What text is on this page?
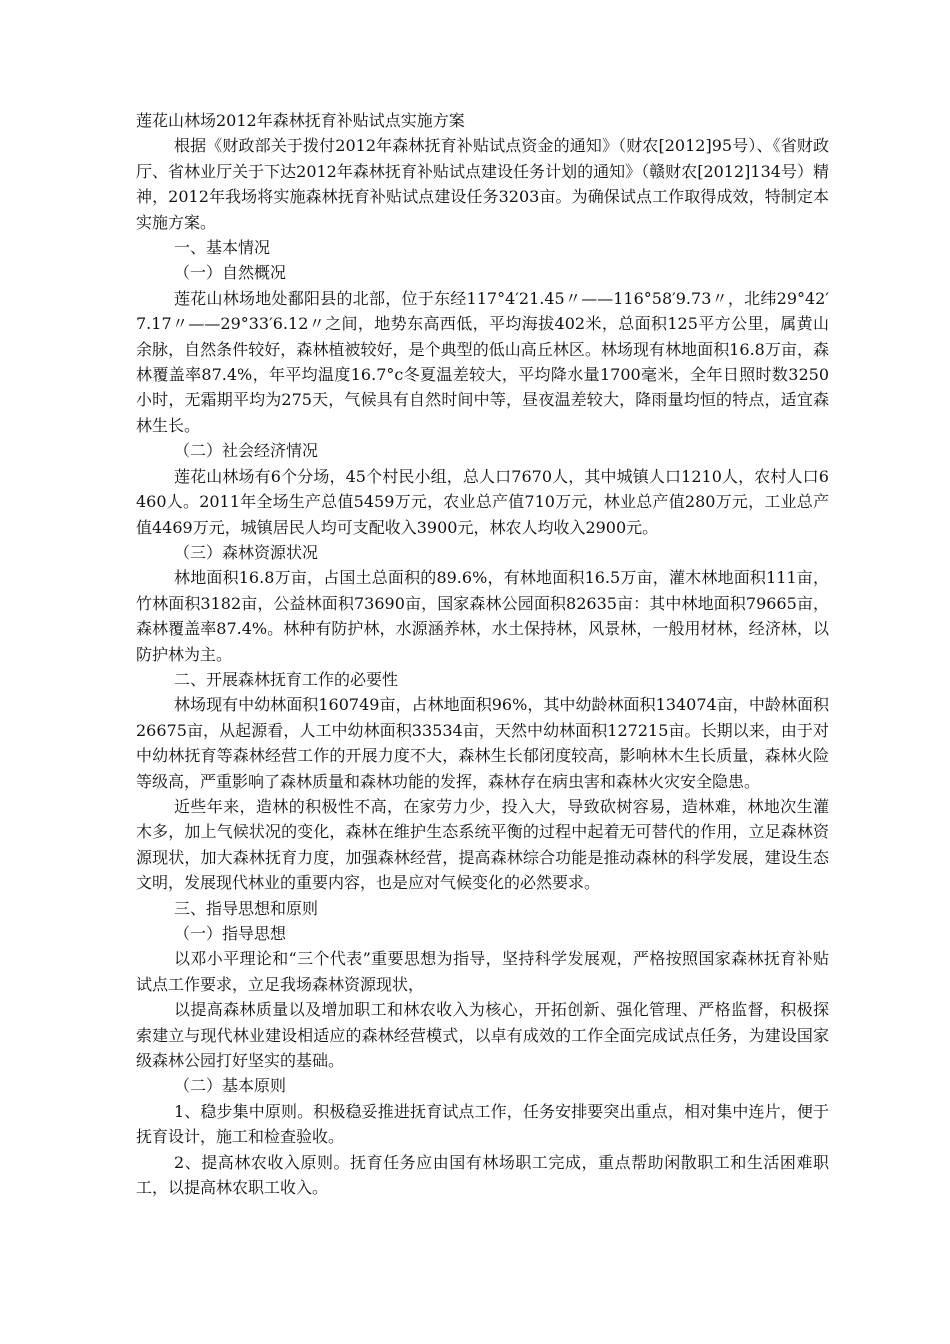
莲花山林场2012年森林抚育补贴试点实施方案

根据《财政部关于拨付2012年森林抚育补贴试点资金的通知》（财农[2012]95号）、《省财政厅、省林业厅关于下达2012年森林抚育补贴试点建设任务计划的通知》（赣财农[2012]134号）精神，2012年我场将实施森林抚育补贴试点建设任务3203亩。为确保试点工作取得成效，特制定本实施方案。

一、基本情况

（一）自然概况

莲花山林场地处鄱阳县的北部，位于东经117°4′21.45〃——116°58′9.73〃，北纬29°42′7.17〃——29°33′6.12〃之间，地势东高西低，平均海拔402米，总面积125平方公里，属黄山余脉，自然条件较好，森林植被较好，是个典型的低山高丘林区。林场现有林地面积16.8万亩，森林覆盖率87.4%，年平均温度16.7°c冬夏温差较大，平均降水量1700毫米，全年日照时数3250小时，无霜期平均为275天，气候具有自然时间中等，昼夜温差较大，降雨量均恒的特点，适宜森林生长。

（二）社会经济情况

莲花山林场有6个分场，45个村民小组，总人口7670人，其中城镇人口1210人，农村人口6460人。2011年全场生产总值5459万元，农业总产值710万元，林业总产值280万元，工业总产值4469万元，城镇居民人均可支配收入3900元，林农人均收入2900元。

（三）森林资源状况

林地面积16.8万亩，占国土总面积的89.6%，有林地面积16.5万亩，灌木林地面积111亩，竹林面积3182亩，公益林面积73690亩，国家森林公园面积82635亩：其中林地面积79665亩，森林覆盖率87.4%。林种有防护林，水源涵养林，水土保持林，风景林，一般用材林，经济林，以防护林为主。

二、开展森林抚育工作的必要性

林场现有中幼林面积160749亩，占林地面积96%，其中幼龄林面积134074亩，中龄林面积26675亩，从起源看，人工中幼林面积33534亩，天然中幼林面积127215亩。长期以来，由于对中幼林抚育等森林经营工作的开展力度不大，森林生长郁闭度较高，影响林木生长质量，森林火险等级高，严重影响了森林质量和森林功能的发挥，森林存在病虫害和森林火灾安全隐患。

近些年来，造林的积极性不高，在家劳力少，投入大，导致砍树容易，造林难，林地次生灌木多，加上气候状况的变化，森林在维护生态系统平衡的过程中起着无可替代的作用，立足森林资源现状，加大森林抚育力度，加强森林经营，提高森林综合功能是推动森林的科学发展，建设生态文明，发展现代林业的重要内容，也是应对气候变化的必然要求。

三、指导思想和原则

（一）指导思想

以邓小平理论和“三个代表”重要思想为指导，坚持科学发展观，严格按照国家森林抚育补贴试点工作要求，立足我场森林资源现状，

以提高森林质量以及增加职工和林农收入为核心，开拓创新、强化管理、严格监督，积极探索建立与现代林业建设相适应的森林经营模式，以卓有成效的工作全面完成试点任务，为建设国家级森林公园打好坚实的基础。

（二）基本原则

1、稳步集中原则。积极稳妥推进抚育试点工作，任务安排要突出重点，相对集中连片，便于抚育设计，施工和检查验收。

2、提高林农收入原则。抚育任务应由国有林场职工完成，重点帮助闲散职工和生活困难职工，以提高林农职工收入。
